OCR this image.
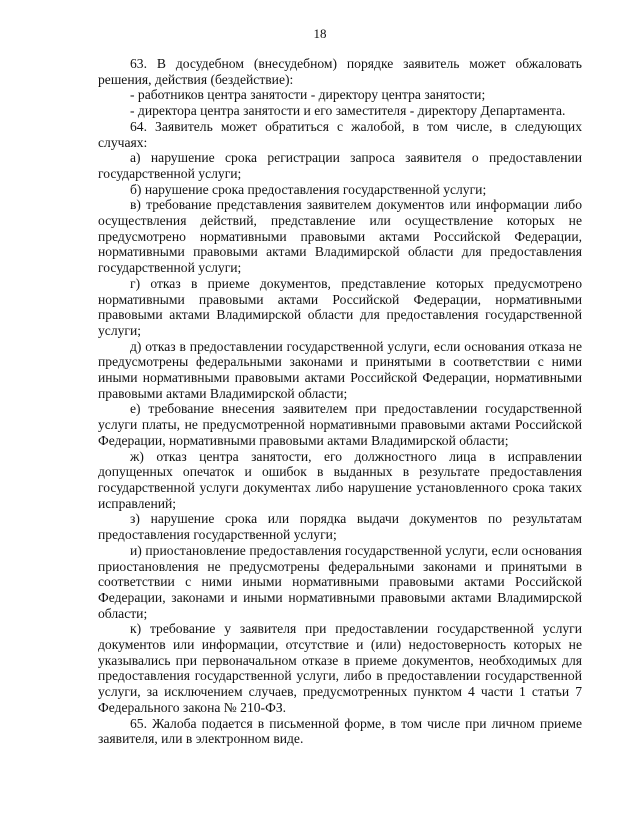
18

63. В досудебном (внесудебном) порядке заявитель может обжаловать решения, действия (бездействие):

- работников центра занятости - директору центра занятости;

- директора центра занятости и его заместителя - директору Департамента.

64. Заявитель может обратиться с жалобой, в том числе, в следующих случаях:

а) нарушение срока регистрации запроса заявителя о предоставлении государственной услуги;

б) нарушение срока предоставления государственной услуги;

в) требование представления заявителем документов или информации либо осуществления действий, представление или осуществление которых не предусмотрено нормативными правовыми актами Российской Федерации, нормативными правовыми актами Владимирской области для предоставления государственной услуги;

г) отказ в приеме документов, представление которых предусмотрено нормативными правовыми актами Российской Федерации, нормативными правовыми актами Владимирской области для предоставления государственной услуги;

д) отказ в предоставлении государственной услуги, если основания отказа не предусмотрены федеральными законами и принятыми в соответствии с ними иными нормативными правовыми актами Российской Федерации, нормативными правовыми актами Владимирской области;

е) требование внесения заявителем при предоставлении государственной услуги платы, не предусмотренной нормативными правовыми актами Российской Федерации, нормативными правовыми актами Владимирской области;

ж) отказ центра занятости, его должностного лица в исправлении допущенных опечаток и ошибок в выданных в результате предоставления государственной услуги документах либо нарушение установленного срока таких исправлений;

з) нарушение срока или порядка выдачи документов по результатам предоставления государственной услуги;

и) приостановление предоставления государственной услуги, если основания приостановления не предусмотрены федеральными законами и принятыми в соответствии с ними иными нормативными правовыми актами Российской Федерации, законами и иными нормативными правовыми актами Владимирской области;

к) требование у заявителя при предоставлении государственной услуги документов или информации, отсутствие и (или) недостоверность которых не указывались при первоначальном отказе в приеме документов, необходимых для предоставления государственной услуги, либо в предоставлении государственной услуги, за исключением случаев, предусмотренных пунктом 4 части 1 статьи 7 Федерального закона № 210-ФЗ.

65. Жалоба подается в письменной форме, в том числе при личном приеме заявителя, или в электронном виде.
